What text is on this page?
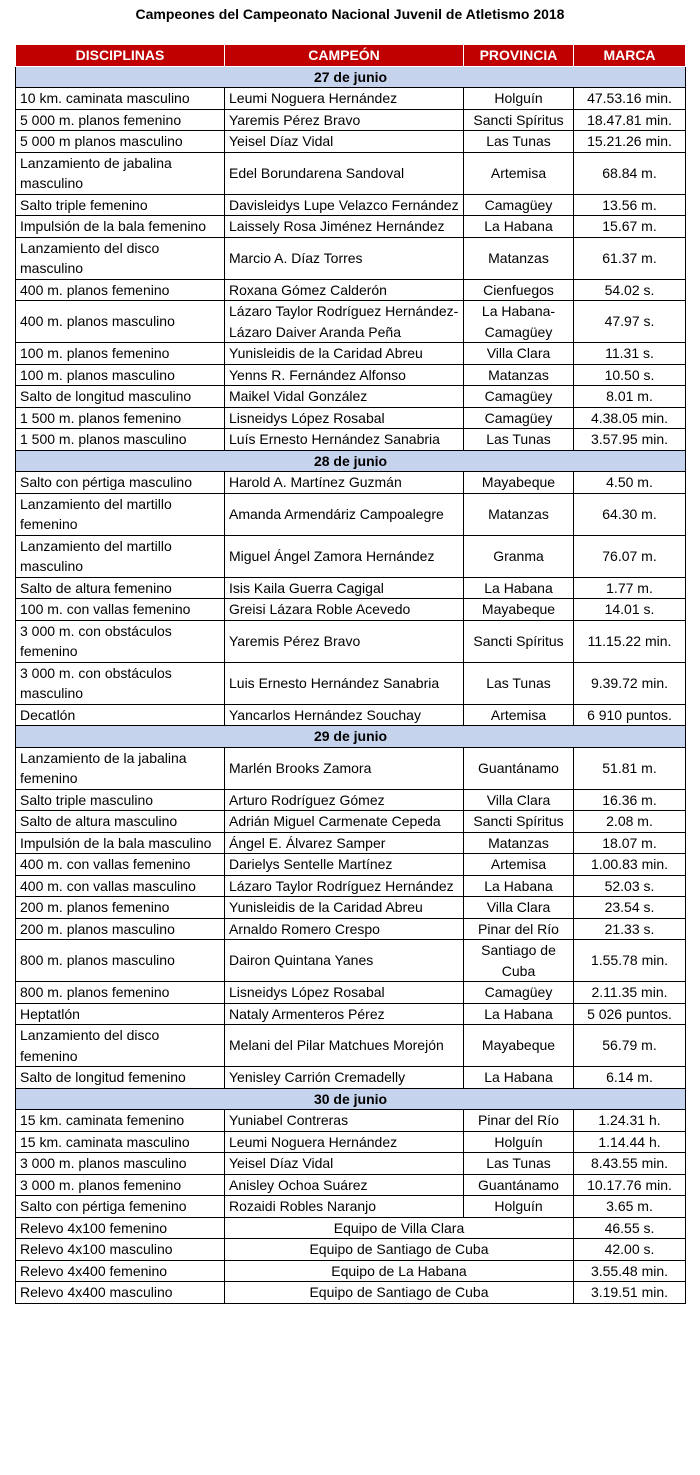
Campeones del Campeonato Nacional Juvenil de Atletismo 2018
DISCIPLINAS	CAMPEÓN	PROVINCIA	MARCA
27 de junio			
10 km. caminata masculino	Leumi Noguera Hernández	Holguín	47.53.16 min.
5 000 m. planos femenino	Yaremis Pérez Bravo	Sancti Spíritus	18.47.81 min.
5 000 m planos masculino	Yeisel Díaz Vidal	Las Tunas	15.21.26 min.
Lanzamiento de jabalina masculino	Edel Borundarena Sandoval	Artemisa	68.84 m.
Salto triple femenino	Davisleidys Lupe Velazco Fernández	Camagüey	13.56 m.
Impulsión de la bala femenino	Laissely Rosa Jiménez Hernández	La Habana	15.67 m.
Lanzamiento del disco masculino	Marcio A. Díaz Torres	Matanzas	61.37 m.
400 m. planos femenino	Roxana Gómez Calderón	Cienfuegos	54.02 s.
400 m. planos masculino	Lázaro Taylor Rodríguez Hernández-Lázaro Daiver Aranda Peña	La Habana-Camagüey	47.97 s.
100 m. planos femenino	Yunisleidis de la Caridad Abreu	Villa Clara	11.31 s.
100 m. planos masculino	Yenns R. Fernández Alfonso	Matanzas	10.50 s.
Salto de longitud masculino	Maikel Vidal González	Camagüey	8.01 m.
1 500 m. planos femenino	Lisneidys López Rosabal	Camagüey	4.38.05 min.
1 500 m. planos masculino	Luís Ernesto Hernández Sanabria	Las Tunas	3.57.95 min.
28 de junio			
Salto con pértiga masculino	Harold A. Martínez Guzmán	Mayabeque	4.50 m.
Lanzamiento del martillo femenino	Amanda Armendáriz Campoalegre	Matanzas	64.30 m.
Lanzamiento del martillo masculino	Miguel Ángel Zamora Hernández	Granma	76.07 m.
Salto de altura femenino	Isis Kaila Guerra Cagigal	La Habana	1.77 m.
100 m. con vallas femenino	Greisi Lázara Roble Acevedo	Mayabeque	14.01 s.
3 000 m. con obstáculos femenino	Yaremis Pérez Bravo	Sancti Spíritus	11.15.22 min.
3 000 m. con obstáculos masculino	Luis Ernesto Hernández Sanabria	Las Tunas	9.39.72 min.
Decatlón	Yancarlos Hernández Souchay	Artemisa	6 910 puntos.
29 de junio			
Lanzamiento de la jabalina femenino	Marlén Brooks Zamora	Guantánamo	51.81 m.
Salto triple masculino	Arturo Rodríguez Gómez	Villa Clara	16.36 m.
Salto de altura masculino	Adrián Miguel Carmenate Cepeda	Sancti Spíritus	2.08 m.
Impulsión de la bala masculino	Ángel E. Álvarez Samper	Matanzas	18.07 m.
400 m. con vallas femenino	Darielys Sentelle Martínez	Artemisa	1.00.83 min.
400 m. con vallas masculino	Lázaro Taylor Rodríguez Hernández	La Habana	52.03 s.
200 m. planos femenino	Yunisleidis de la Caridad Abreu	Villa Clara	23.54 s.
200 m. planos masculino	Arnaldo Romero Crespo	Pinar del Río	21.33 s.
800 m. planos masculino	Dairon Quintana Yanes	Santiago de Cuba	1.55.78 min.
800 m. planos femenino	Lisneidys López Rosabal	Camagüey	2.11.35 min.
Heptatlón	Nataly Armenteros Pérez	La Habana	5 026 puntos.
Lanzamiento del disco femenino	Melani del Pilar Matchues Morejón	Mayabeque	56.79 m.
Salto de longitud femenino	Yenisley Carrión Cremadelly	La Habana	6.14 m.
30 de junio			
15 km. caminata femenino	Yuniabel Contreras	Pinar del Río	1.24.31 h.
15 km. caminata masculino	Leumi Noguera Hernández	Holguín	1.14.44 h.
3 000 m. planos masculino	Yeisel Díaz Vidal	Las Tunas	8.43.55 min.
3 000 m. planos femenino	Anisley Ochoa Suárez	Guantánamo	10.17.76 min.
Salto con pértiga femenino	Rozaidi Robles Naranjo	Holguín	3.65 m.
Relevo 4x100 femenino	Equipo de Villa Clara		46.55 s.
Relevo 4x100 masculino	Equipo de Santiago de Cuba		42.00 s.
Relevo 4x400 femenino	Equipo de La Habana		3.55.48 min.
Relevo 4x400 masculino	Equipo de Santiago de Cuba		3.19.51 min.
